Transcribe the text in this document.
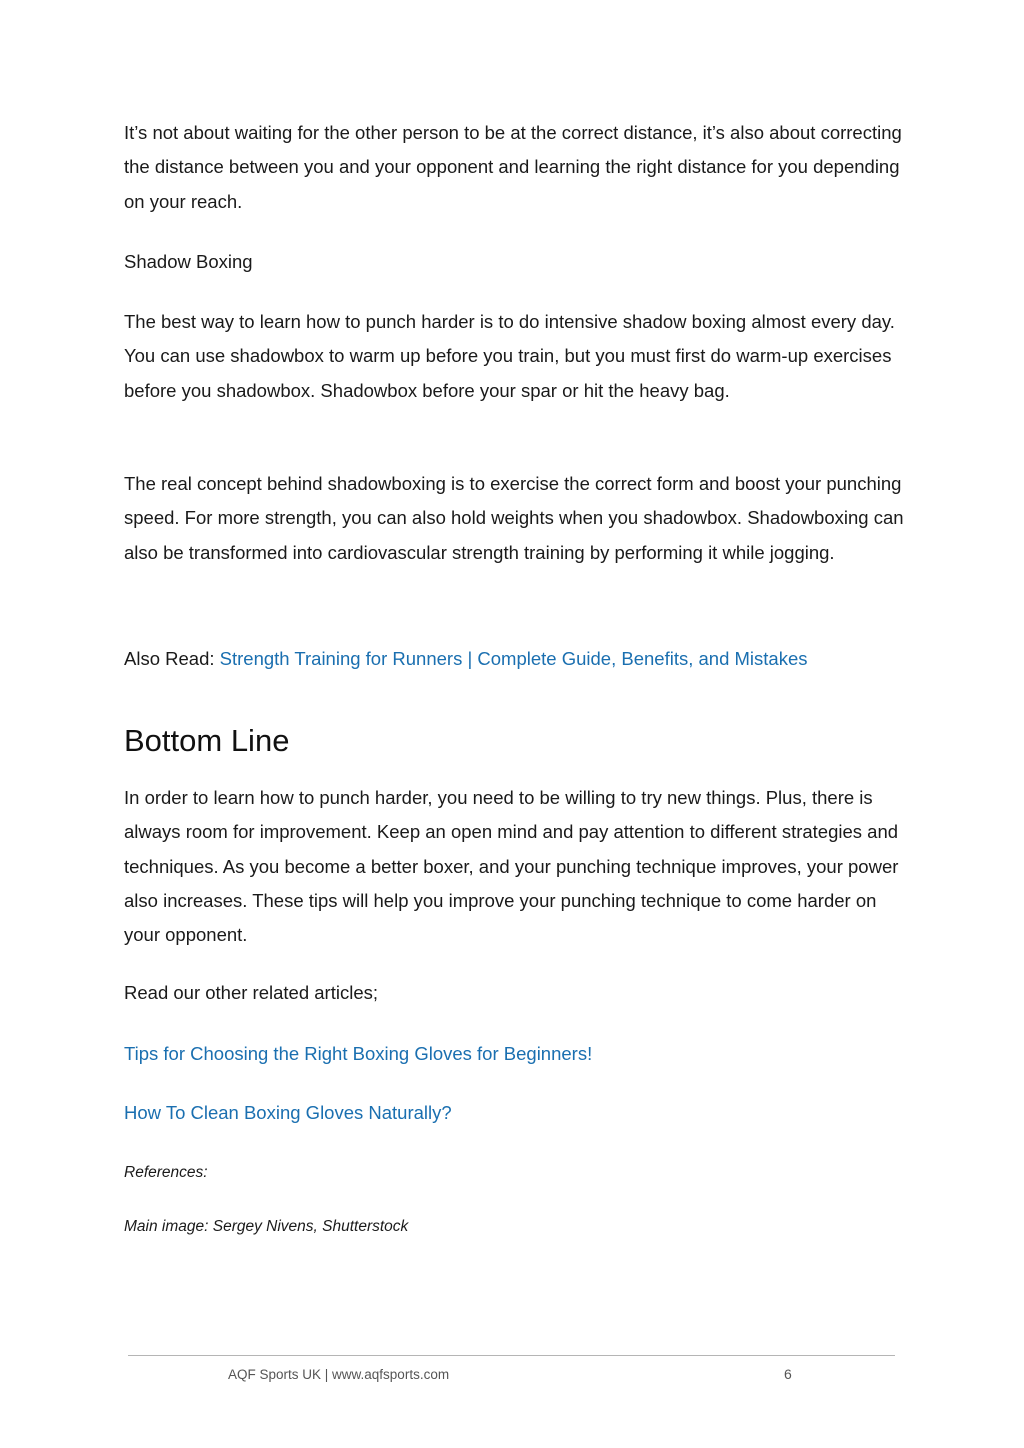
It’s not about waiting for the other person to be at the correct distance, it’s also about correcting the distance between you and your opponent and learning the right distance for you depending on your reach.

Shadow Boxing

The best way to learn how to punch harder is to do intensive shadow boxing almost every day. You can use shadowbox to warm up before you train, but you must first do warm-up exercises before you shadowbox. Shadowbox before your spar or hit the heavy bag.

The real concept behind shadowboxing is to exercise the correct form and boost your punching speed. For more strength, you can also hold weights when you shadowbox. Shadowboxing can also be transformed into cardiovascular strength training by performing it while jogging.

Also Read: Strength Training for Runners | Complete Guide, Benefits, and Mistakes

Bottom Line

In order to learn how to punch harder, you need to be willing to try new things. Plus, there is always room for improvement. Keep an open mind and pay attention to different strategies and techniques. As you become a better boxer, and your punching technique improves, your power also increases. These tips will help you improve your punching technique to come harder on your opponent.

Read our other related articles;

Tips for Choosing the Right Boxing Gloves for Beginners!

How To Clean Boxing Gloves Naturally?

References:

Main image: Sergey Nivens, Shutterstock

AQF Sports UK | www.aqfsports.com	6
